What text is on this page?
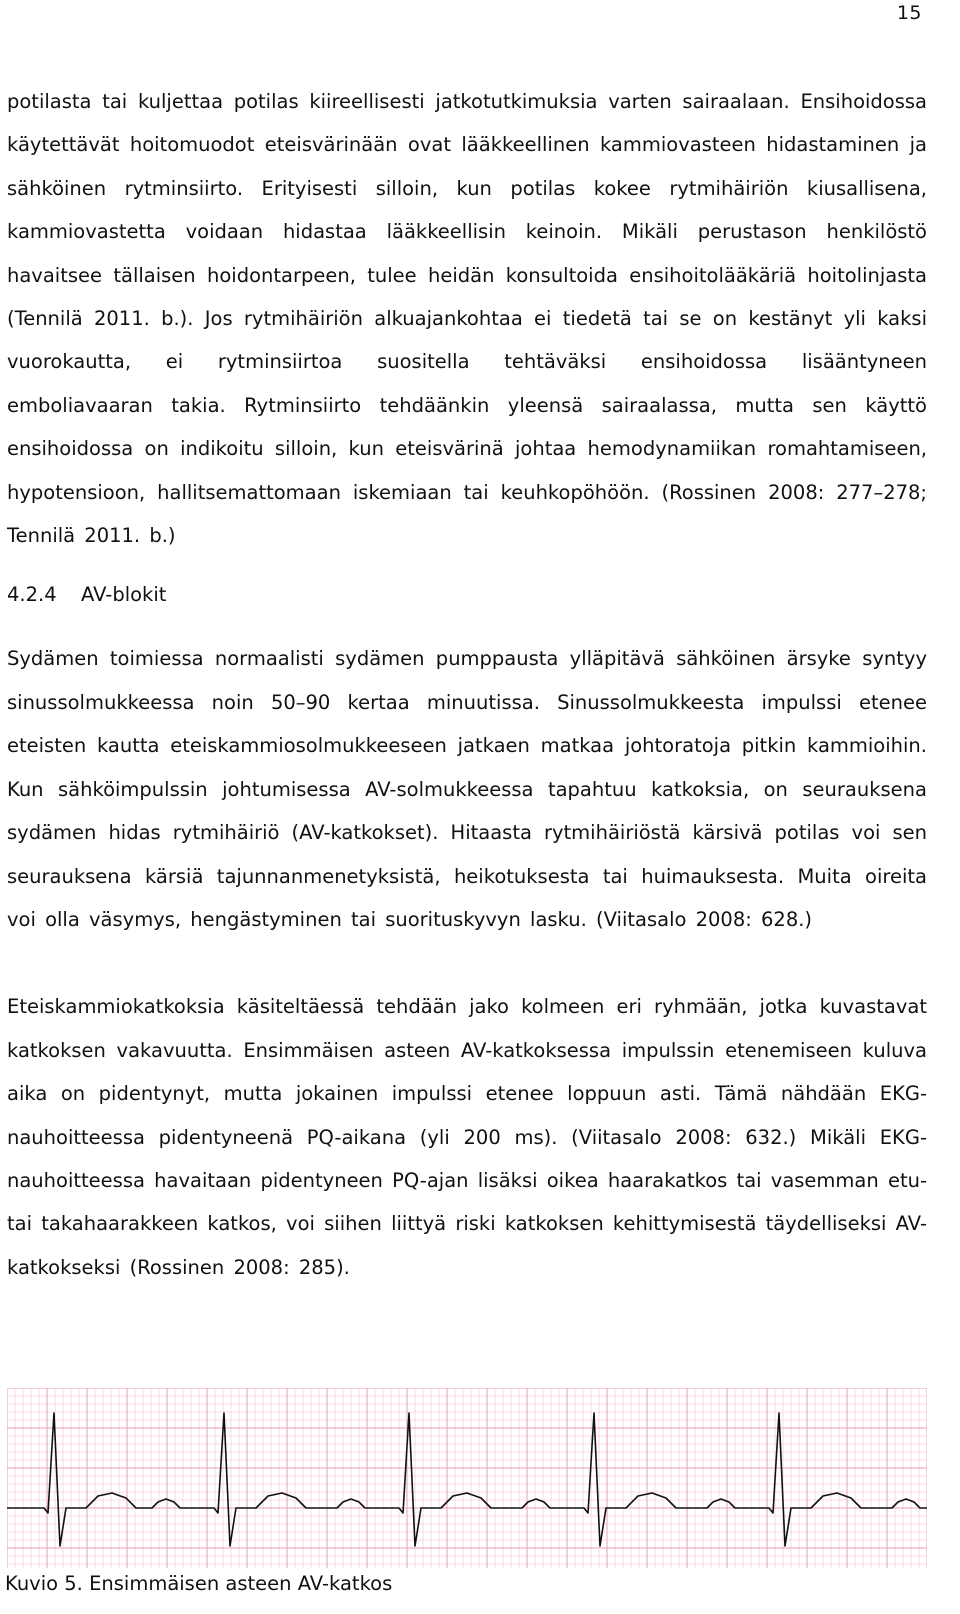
15

potilasta tai kuljettaa potilas kiireellisesti jatkotutkimuksia varten sairaalaan. Ensihoidossa käytettävät hoitomuodot eteisvärinään ovat lääkkeellinen kammiovasteen hidastaminen ja sähköinen rytminsiirto. Erityisesti silloin, kun potilas kokee rytmihäiriön kiusallisena, kammiovastetta voidaan hidastaa lääkkeellisin keinoin. Mikäli perustason henkilöstö havaitsee tällaisen hoidontarpeen, tulee heidän konsultoida ensihoitolääkäriä hoitolinjasta (Tennilä 2011. b.). Jos rytmihäiriön alkuajankohtaa ei tiedetä tai se on kestänyt yli kaksi vuorokautta, ei rytminsiirtoa suositella tehtäväksi ensihoidossa lisääntyneen emboliavaaran takia. Rytminsiirto tehdäänkin yleensä sairaalassa, mutta sen käyttö ensihoidossa on indikoitu silloin, kun eteisvärinä johtaa hemodynamiikan romahtamiseen, hypotensioon, hallitsemattomaan iskemiaan tai keuhkopöhöön. (Rossinen 2008: 277–278; Tennilä 2011. b.)

4.2.4	AV-blokit

Sydämen toimiessa normaalisti sydämen pumppausta ylläpitävä sähköinen ärsyke syntyy sinussolmukkeessa noin 50–90 kertaa minuutissa. Sinussolmukkeesta impulssi etenee eteisten kautta eteiskammiosolmukkeeseen jatkaen matkaa johtoratoja pitkin kammioihin. Kun sähköimpulssin johtumisessa AV-solmukkeessa tapahtuu katkoksia, on seurauksena sydämen hidas rytmihäiriö (AV-katkokset). Hitaasta rytmihäiriöstä kärsivä potilas voi sen seurauksena kärsiä tajunnanmenetyksistä, heikotuksesta tai huimauksesta. Muita oireita voi olla väsymys, hengästyminen tai suorituskyvyn lasku. (Viitasalo 2008: 628.)

Eteiskammiokatkoksia käsiteltäessä tehdään jako kolmeen eri ryhmään, jotka kuvastavat katkoksen vakavuutta. Ensimmäisen asteen AV-katkoksessa impulssin etenemiseen kuluva aika on pidentynyt, mutta jokainen impulssi etenee loppuun asti. Tämä nähdään EKG-nauhoitteessa pidentyneenä PQ-aikana (yli 200 ms). (Viitasalo 2008: 632.) Mikäli EKG-nauhoitteessa havaitaan pidentyneen PQ-ajan lisäksi oikea haarakatkos tai vasemman etu- tai takahaarakkeen katkos, voi siihen liittyä riski katkoksen kehittymisestä täydelliseksi AV-katkokseksi (Rossinen 2008: 285).

Kuvio 5. Ensimmäisen asteen AV-katkos
